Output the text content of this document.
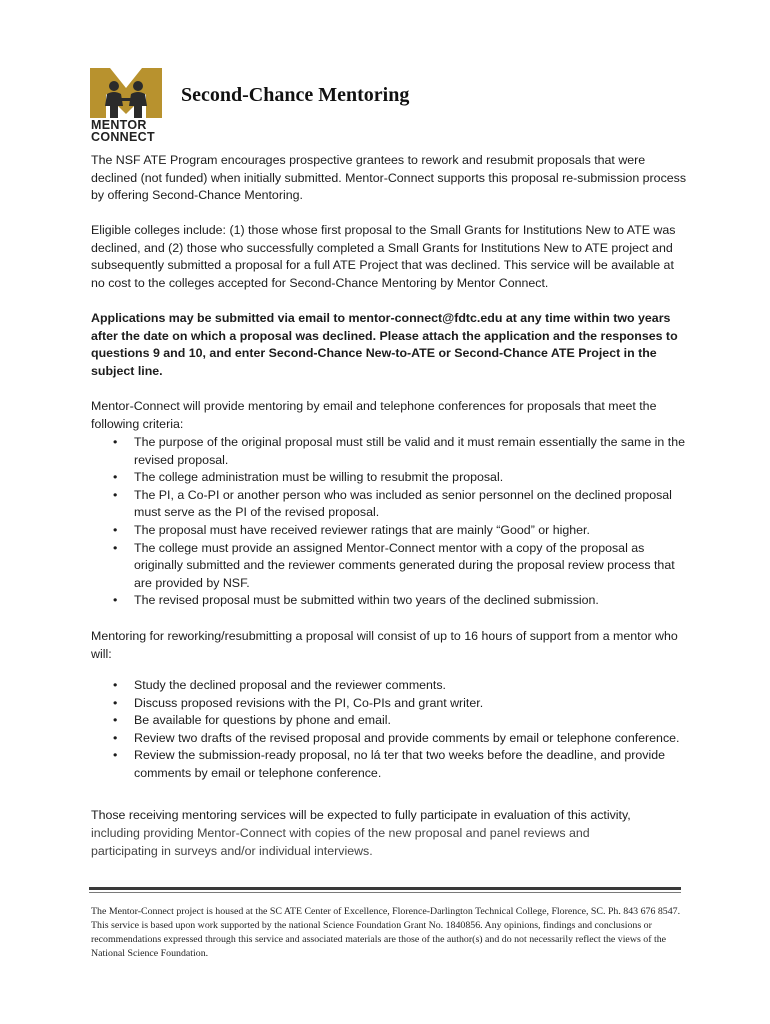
MENTOR
CONNECT
Second-Chance Mentoring
The NSF ATE Program encourages prospective grantees to rework and resubmit proposals that were declined (not funded) when initially submitted. Mentor-Connect supports this proposal re-submission process by offering Second-Chance Mentoring.
Eligible colleges include: (1) those whose first proposal to the Small Grants for Institutions New to ATE was declined, and (2) those who successfully completed a Small Grants for Institutions New to ATE project and subsequently submitted a proposal for a full ATE Project that was declined. This service will be available at no cost to the colleges accepted for Second-Chance Mentoring by Mentor Connect.
Applications may be submitted via email to mentor-connect@fdtc.edu at any time within two years after the date on which a proposal was declined. Please attach the application and the responses to questions 9 and 10, and enter Second-Chance New-to-ATE or Second-Chance ATE Project in the subject line.
Mentor-Connect will provide mentoring by email and telephone conferences for proposals that meet the following criteria:
• The purpose of the original proposal must still be valid and it must remain essentially the same in the revised proposal.
• The college administration must be willing to resubmit the proposal.
• The PI, a Co-PI or another person who was included as senior personnel on the declined proposal must serve as the PI of the revised proposal.
• The proposal must have received reviewer ratings that are mainly “Good” or higher.
• The college must provide an assigned Mentor-Connect mentor with a copy of the proposal as originally submitted and the reviewer comments generated during the proposal review process that are provided by NSF.
• The revised proposal must be submitted within two years of the declined submission.
Mentoring for reworking/resubmitting a proposal will consist of up to 16 hours of support from a mentor who will:
• Study the declined proposal and the reviewer comments.
• Discuss proposed revisions with the PI, Co-PIs and grant writer.
• Be available for questions by phone and email.
• Review two drafts of the revised proposal and provide comments by email or telephone conference.
• Review the submission-ready proposal, no lá ter that two weeks before the deadline, and provide comments by email or telephone conference.
Those receiving mentoring services will be expected to fully participate in evaluation of this activity,
including providing Mentor-Connect with copies of the new proposal and panel reviews and participating in surveys and/or individual interviews.
The Mentor-Connect project is housed at the SC ATE Center of Excellence, Florence-Darlington Technical College, Florence, SC. Ph. 843 676 8547. This service is based upon work supported by the national Science Foundation Grant No. 1840856. Any opinions, findings and conclusions or recommendations expressed through this service and associated materials are those of the author(s) and do not necessarily reflect the views of the National Science Foundation.
